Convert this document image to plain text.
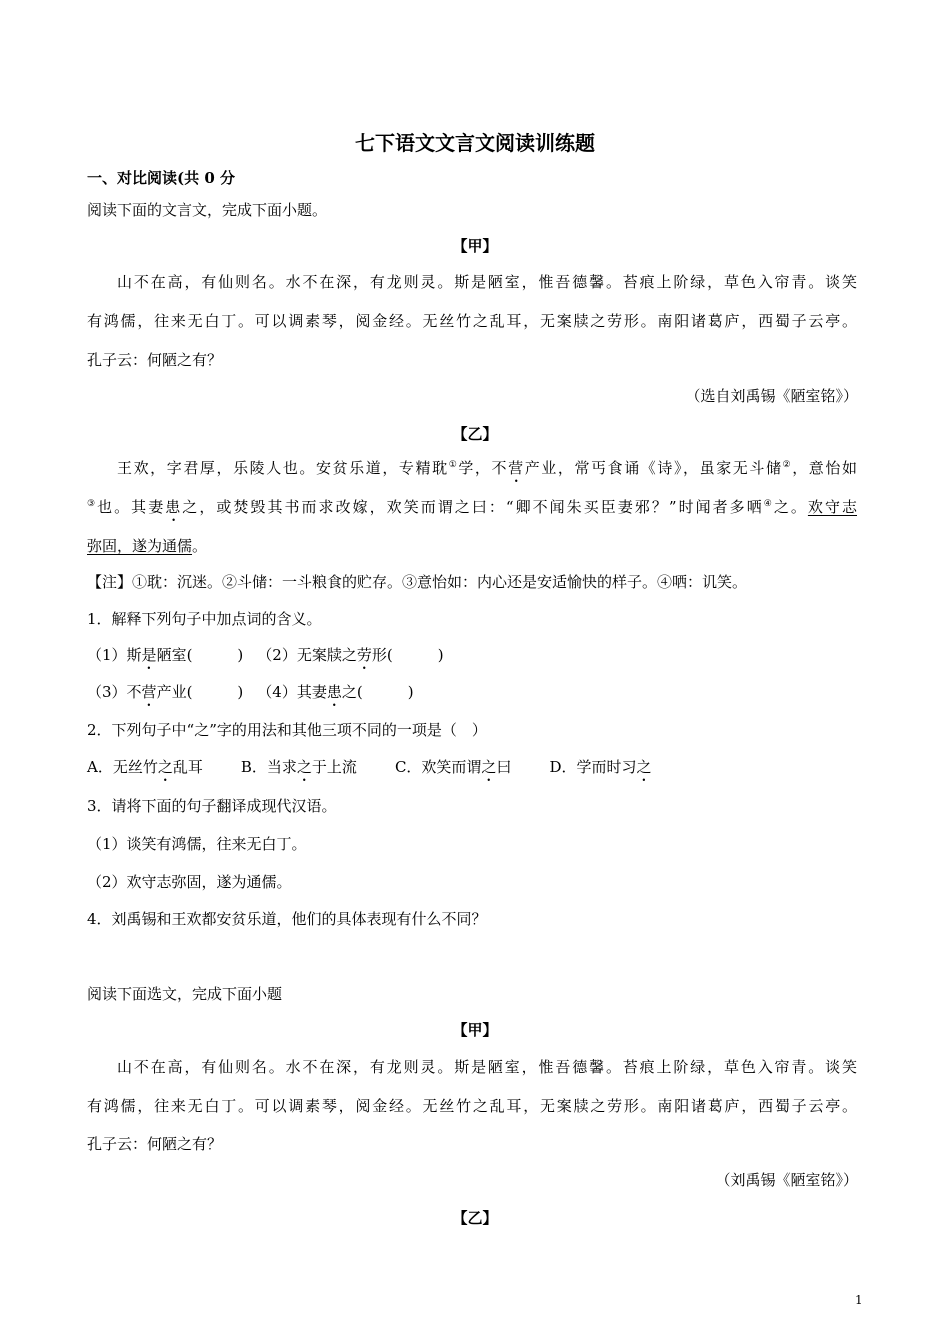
七下语文文言文阅读训练题
一、对比阅读(共 0 分
阅读下面的文言文，完成下面小题。
【甲】
山不在高，有仙则名。水不在深，有龙则灵。斯是陋室，惟吾德馨。苔痕上阶绿，草色入帘青。谈笑
有鸿儒，往来无白丁。可以调素琴，阅金经。无丝竹之乱耳，无案牍之劳形。南阳诸葛庐，西蜀子云亭。
孔子云：何陋之有？
（选自刘禹锡《陋室铭》）
【乙】
王欢，字君厚，乐陵人也。安贫乐道，专精耽①学，不营产业，常丐食诵《诗》，虽家无斗储②，意怡如
③也。其妻患之，或焚毁其书而求改嫁，欢笑而谓之曰：“卿不闻朱买臣妻邪？”时闻者多哂④之。欢守志
弥固，遂为通儒。
【注】①耽：沉迷。②斗储：一斗粮食的贮存。③意怡如：内心还是安适愉快的样子。④哂：讥笑。
1．解释下列句子中加点词的含义。
（1）斯是陋室(　　　) （2）无案牍之劳形(　　　)
（3）不营产业(　　　) （4）其妻患之(　　　)
2．下列句子中“之”字的用法和其他三项不同的一项是（　）
A．无丝竹之乱耳	B．当求之于上流	C．欢笑而谓之曰	D．学而时习之
3．请将下面的句子翻译成现代汉语。
（1）谈笑有鸿儒，往来无白丁。
（2）欢守志弥固，遂为通儒。
4．刘禹锡和王欢都安贫乐道，他们的具体表现有什么不同？
阅读下面选文，完成下面小题
【甲】
山不在高，有仙则名。水不在深，有龙则灵。斯是陋室，惟吾德馨。苔痕上阶绿，草色入帘青。谈笑
有鸿儒，往来无白丁。可以调素琴，阅金经。无丝竹之乱耳，无案牍之劳形。南阳诸葛庐，西蜀子云亭。
孔子云：何陋之有？
（刘禹锡《陋室铭》）
【乙】
1
